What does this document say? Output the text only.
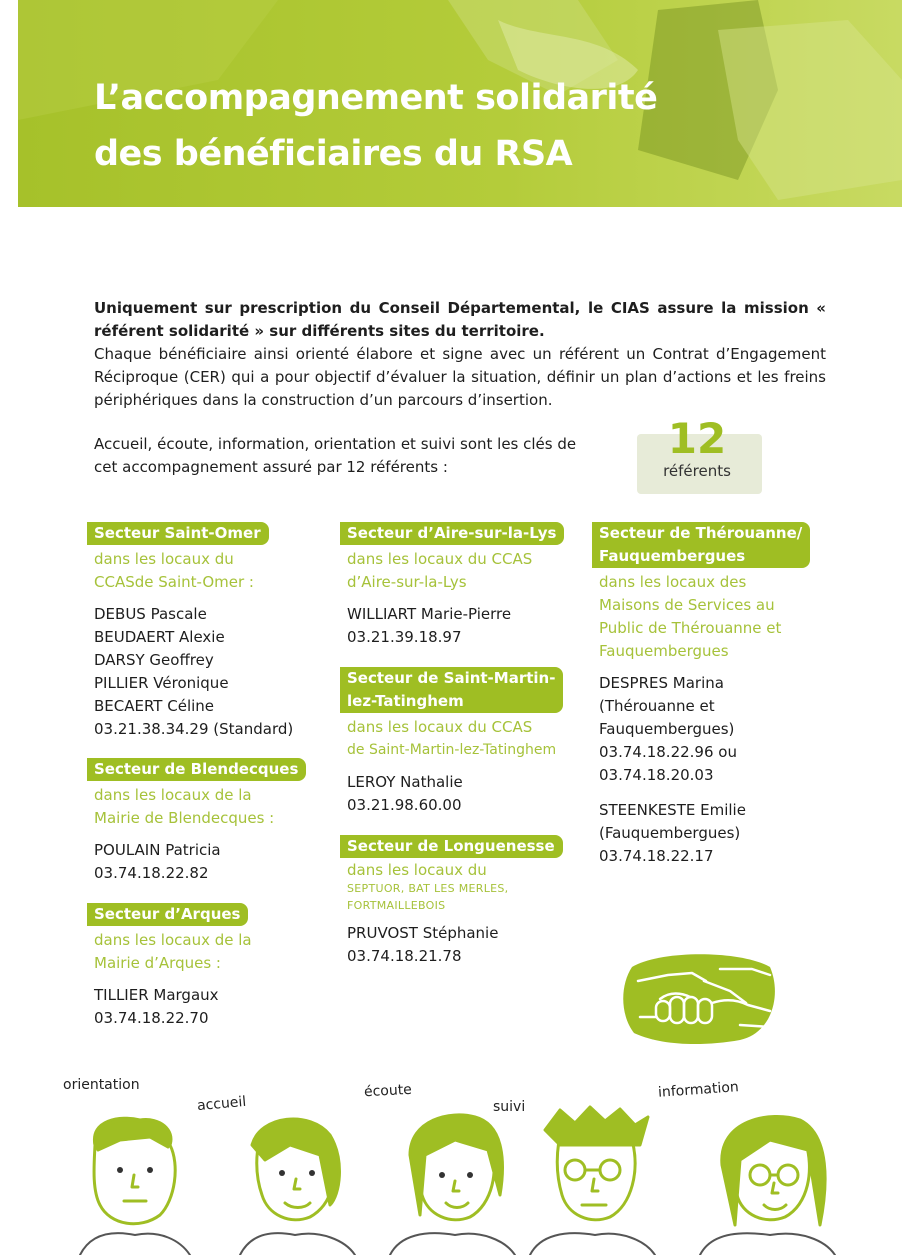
L’accompagnement solidarité
des bénéficiaires du RSA

Uniquement sur prescription du Conseil Départemental, le CIAS assure la mission « référent solidarité » sur différents sites du territoire.

Chaque bénéficiaire ainsi orienté élabore et signe avec un référent un Contrat d’Engagement Réciproque (CER) qui a pour objectif d’évaluer la situation, définir un plan d’actions et les freins périphériques dans la construction d’un parcours d’insertion.

Accueil, écoute, information, orientation et suivi sont les clés de
cet accompagnement assuré par 12 référents :
12
référents
Secteur Saint-Omer
dans les locaux du
CCASde Saint-Omer :
DEBUS Pascale
BEUDAERT Alexie
DARSY Geoffrey
PILLIER Véronique
BECAERT Céline
03.21.38.34.29 (Standard)
Secteur de Blendecques
dans les locaux de la
Mairie de Blendecques :
POULAIN Patricia
03.74.18.22.82
Secteur d’Arques
dans les locaux de la
Mairie d’Arques :
TILLIER Margaux
03.74.18.22.70
Secteur d’Aire-sur-la-Lys
dans les locaux du CCAS
d’Aire-sur-la-Lys
WILLIART Marie-Pierre
03.21.39.18.97
Secteur de Saint-Martin-
lez-Tatinghem
dans les locaux du CCAS
de Saint-Martin-lez-Tatinghem
LEROY Nathalie
03.21.98.60.00
Secteur de Longuenesse
dans les locaux du
SEPTUOR, BAT LES MERLES,
FORTMAILLEBOIS
PRUVOST Stéphanie
03.74.18.21.78
Secteur de Thérouanne/
Fauquembergues
dans les locaux des
Maisons de Services au
Public de Thérouanne et
Fauquembergues
DESPRES Marina
(Thérouanne et
Fauquembergues)
03.74.18.22.96 ou
03.74.18.20.03
STEENKESTE Emilie
(Fauquembergues)
03.74.18.22.17
orientation
accueil
écoute
suivi
information
